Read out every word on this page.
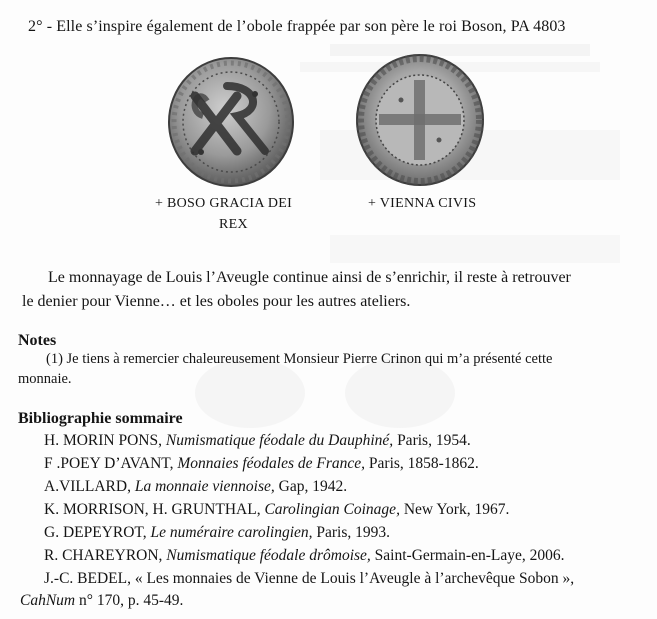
2° - Elle s’inspire également de l’obole frappée par son père le roi Boson, PA 4803
+ BOSO GRACIA DEI
REX
+ VIENNA CIVIS
Le monnayage de Louis l’Aveugle continue ainsi de s’enrichir, il reste à retrouver
le denier pour Vienne… et les oboles pour les autres ateliers.
Notes
(1) Je tiens à remercier chaleureusement Monsieur Pierre Crinon qui m’a présenté cette
monnaie.
Bibliographie sommaire
H. MORIN PONS, Numismatique féodale du Dauphiné, Paris, 1954.
F .POEY D’AVANT, Monnaies féodales de France, Paris, 1858-1862.
A.VILLARD, La monnaie viennoise, Gap, 1942.
K. MORRISON, H. GRUNTHAL, Carolingian Coinage, New York, 1967.
G. DEPEYROT, Le numéraire carolingien, Paris, 1993.
R. CHAREYRON, Numismatique féodale drômoise, Saint-Germain-en-Laye, 2006.
J.-C. BEDEL, « Les monnaies de Vienne de Louis l’Aveugle à l’archevêque Sobon »,
CahNum n° 170, p. 45-49.
